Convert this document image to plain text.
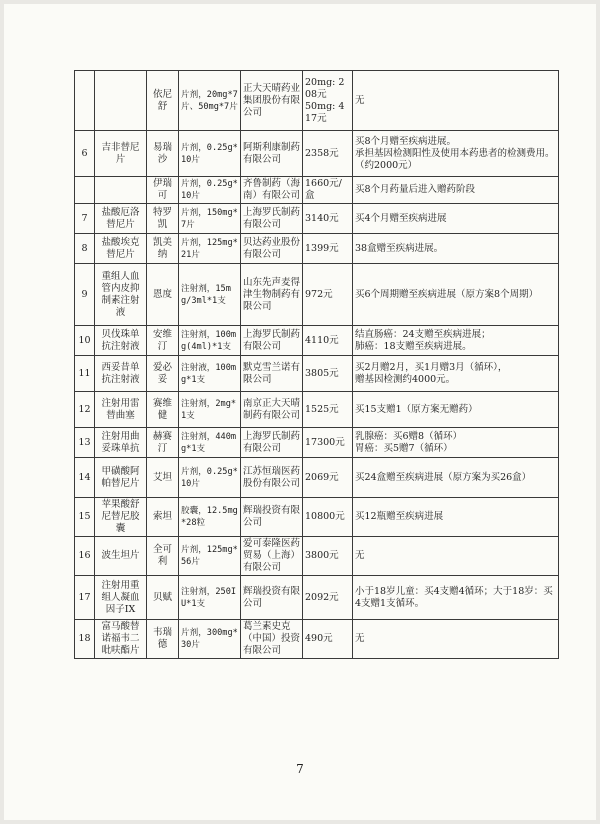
		依尼舒	片剂，20mg*7片、50mg*7片	正大天晴药业集团股份有限公司	20mg: 208元
50mg: 417元	无

6	吉非替尼片	易瑞沙	片剂，0.25g*10片	阿斯利康制药有限公司	2358元	买8个月赠至疾病进展。
承担基因检测阳性及使用本药患者的检测费用。（约2000元）

		伊瑞可	片剂，0.25g*10片	齐鲁制药（海南）有限公司	1660元/盒	买8个月药量后进入赠药阶段

7	盐酸厄洛替尼片	特罗凯	片剂，150mg*7片	上海罗氏制药有限公司	3140元	买4个月赠至疾病进展

8	盐酸埃克替尼片	凯美纳	片剂，125mg*21片	贝达药业股份有限公司	1399元	38盒赠至疾病进展。

9	重组人血管内皮抑制素注射液	恩度	注射剂，15mg/3ml*1支	山东先声麦得津生物制药有限公司	972元	买6个周期赠至疾病进展（原方案8个周期）

10	贝伐珠单抗注射液	安维汀	注射剂，100mg(4ml)*1支	上海罗氏制药有限公司	4110元	结直肠癌：24支赠至疾病进展；
肺癌：18支赠至疾病进展。

11	西妥昔单抗注射液	爱必妥	注射液，100mg*1支	默克雪兰诺有限公司	3805元	买2月赠2月，买1月赠3月（循环），
赠基因检测约4000元。

12	注射用雷替曲塞	赛维健	注射剂，2mg*1支	南京正大天晴制药有限公司	1525元	买15支赠1（原方案无赠药）

13	注射用曲妥珠单抗	赫赛汀	注射剂，440mg*1支	上海罗氏制药有限公司	17300元	乳腺癌：买6赠8（循环）
胃癌：买5赠7（循环）

14	甲磺酸阿帕替尼片	艾坦	片剂，0.25g*10片	江苏恒瑞医药股份有限公司	2069元	买24盒赠至疾病进展（原方案为买26盒）

15	苹果酸舒尼替尼胶囊	索坦	胶囊，12.5mg*28粒	辉瑞投资有限公司	10800元	买12瓶赠至疾病进展

16	波生坦片	全可利	片剂，125mg*56片	爱可泰隆医药贸易（上海）有限公司	3800元	无

17	注射用重组人凝血因子IX	贝赋	注射剂，250IU*1支	辉瑞投资有限公司	2092元	小于18岁儿童：买4支赠4循环；大于18岁：买4支赠1支循环。

18	富马酸替诺福韦二吡呋酯片	韦瑞德	片剂，300mg*30片	葛兰素史克（中国）投资有限公司	490元	无
7
